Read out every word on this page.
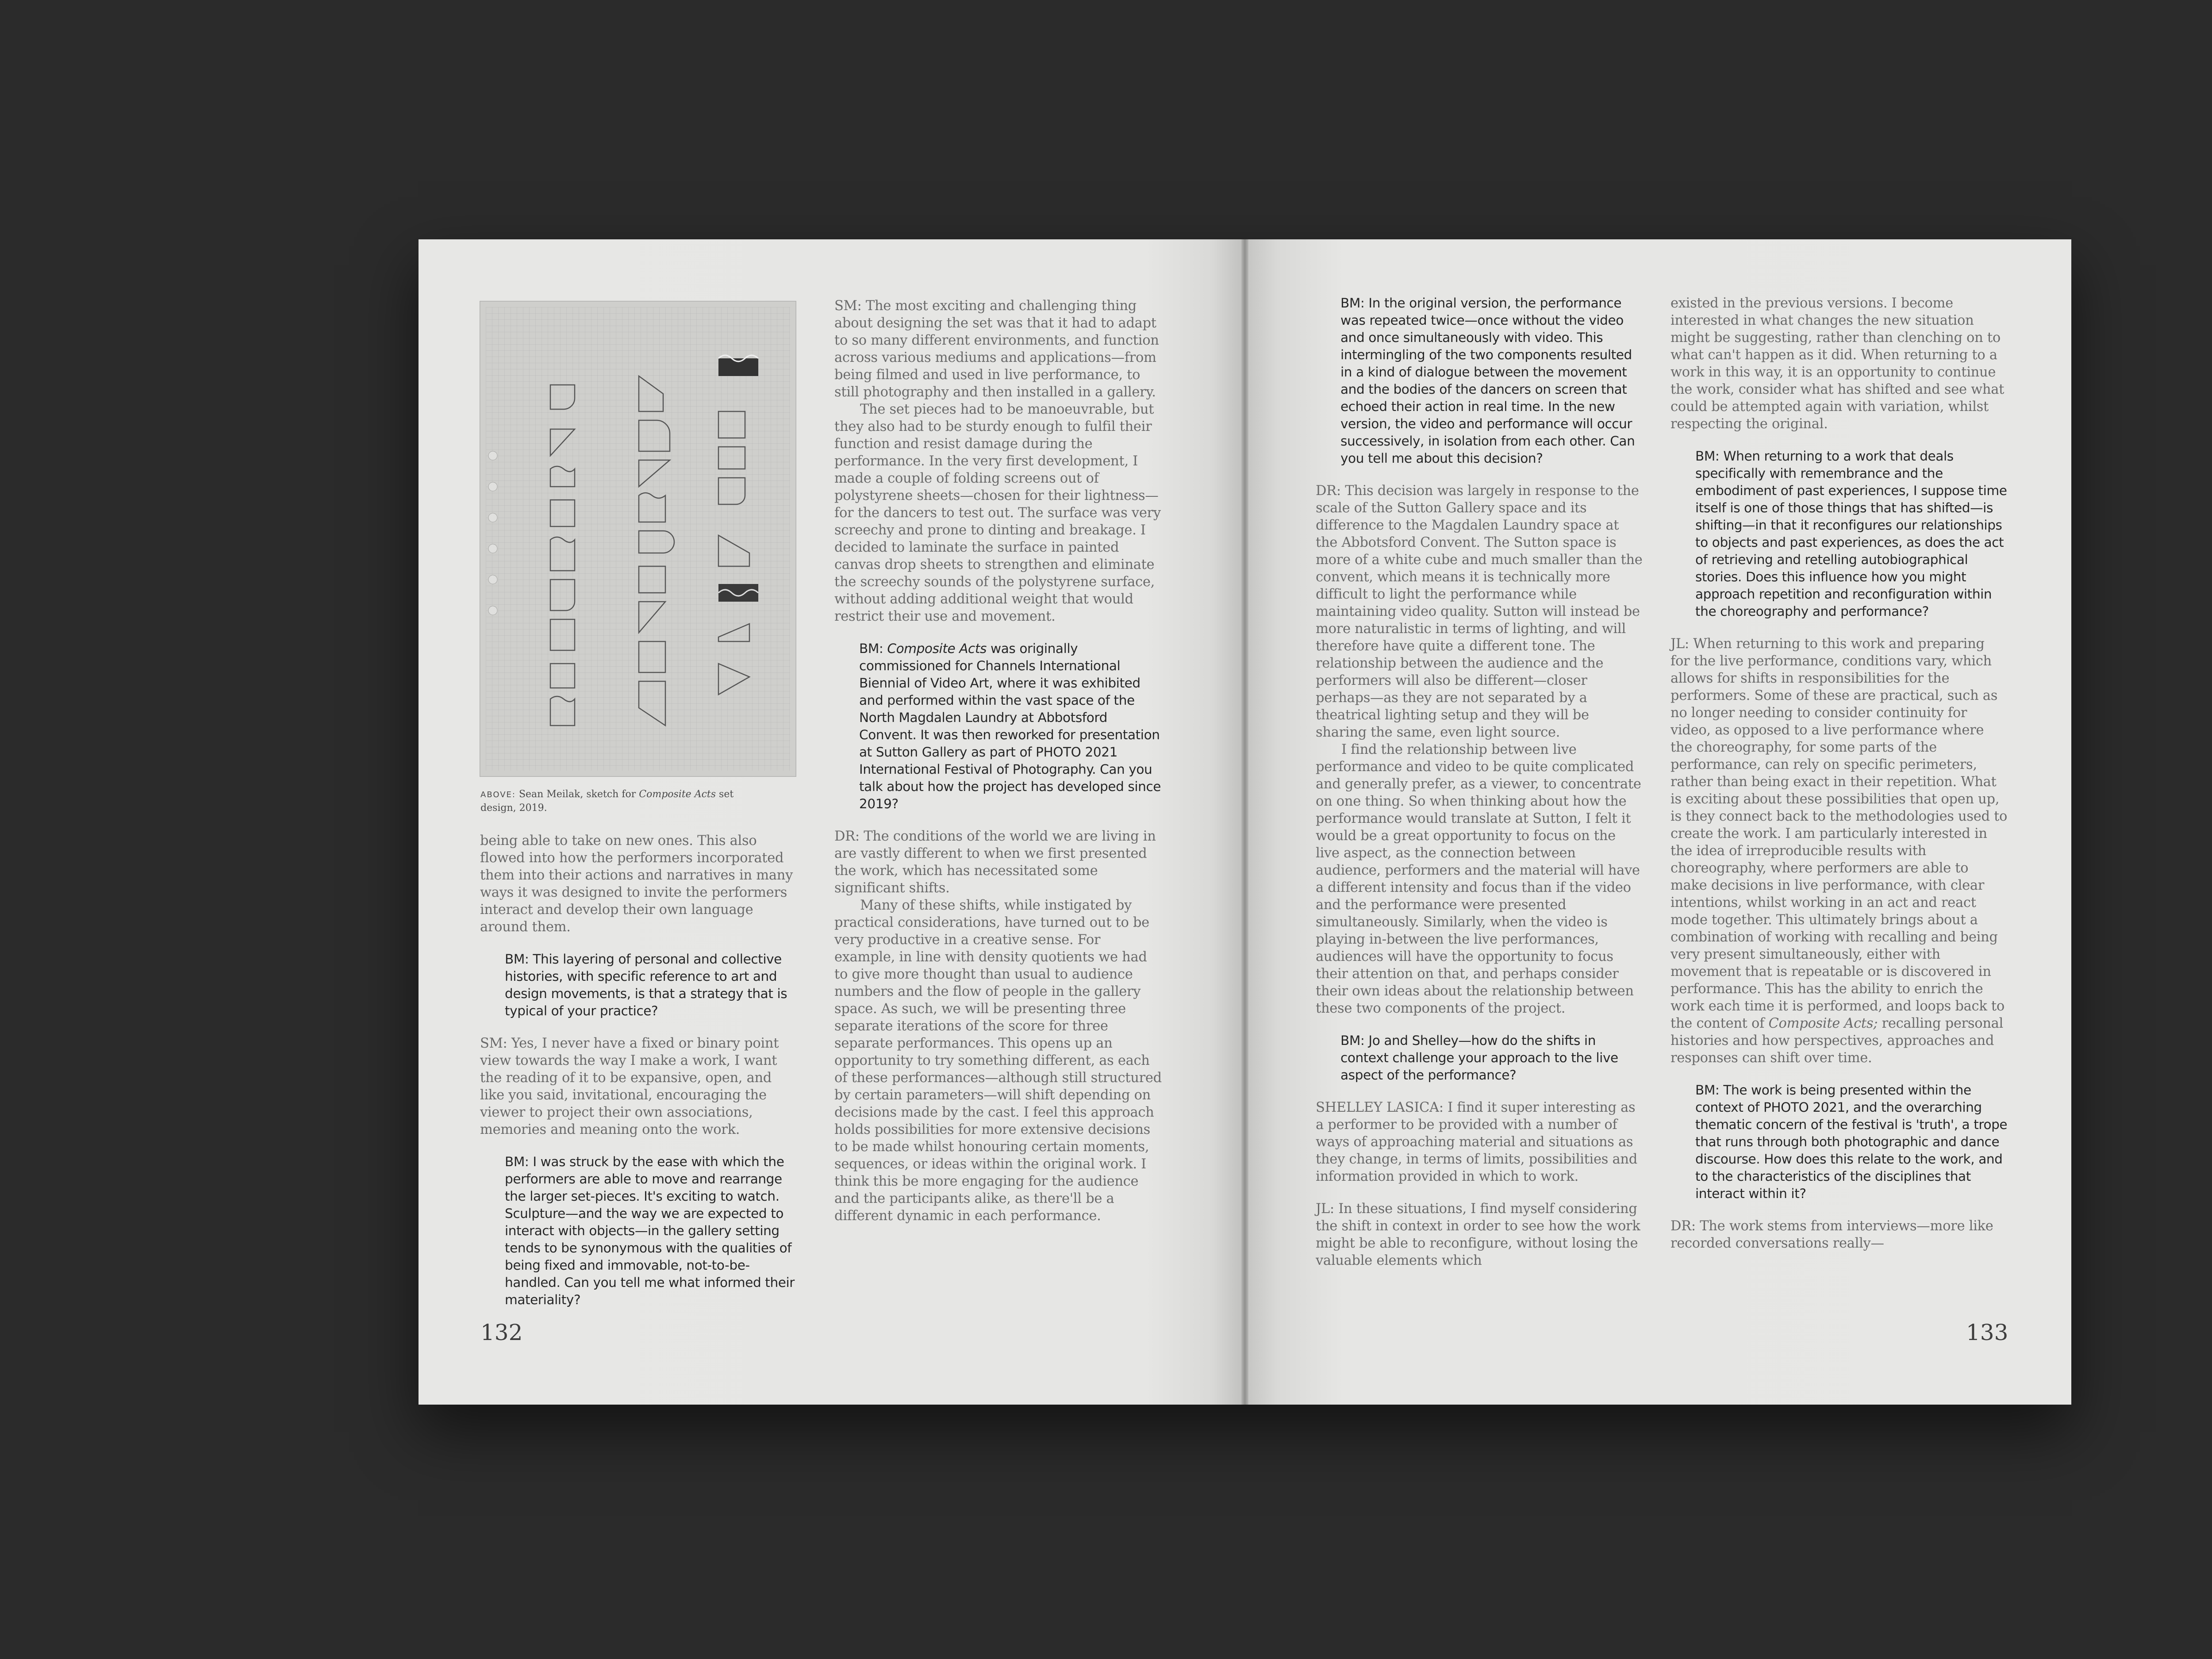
ABOVE: Sean Meilak, sketch for Composite Acts set design, 2019.

being able to take on new ones. This also flowed into how the performers incorporated them into their actions and narratives in many ways it was designed to invite the performers interact and develop their own language around them.

BM: This layering of personal and collective histories, with specific reference to art and design movements, is that a strategy that is typical of your practice?

SM: Yes, I never have a fixed or binary point view towards the way I make a work, I want the reading of it to be expansive, open, and like you said, invitational, encouraging the viewer to project their own associations, memories and meaning onto the work.

BM: I was struck by the ease with which the performers are able to move and rearrange the larger set-pieces. It's exciting to watch. Sculpture—and the way we are expected to interact with objects—in the gallery setting tends to be synonymous with the qualities of being fixed and immovable, not-to-be-handled. Can you tell me what informed their materiality?

SM: The most exciting and challenging thing about designing the set was that it had to adapt to so many different environments, and function across various mediums and applications—from being filmed and used in live performance, to still photography and then installed in a gallery.

The set pieces had to be manoeuvrable, but they also had to be sturdy enough to fulfil their function and resist damage during the performance. In the very first development, I made a couple of folding screens out of polystyrene sheets—chosen for their lightness—for the dancers to test out. The surface was very screechy and prone to dinting and breakage. I decided to laminate the surface in painted canvas drop sheets to strengthen and eliminate the screechy sounds of the polystyrene surface, without adding additional weight that would restrict their use and movement.

BM: Composite Acts was originally commissioned for Channels International Biennial of Video Art, where it was exhibited and performed within the vast space of the North Magdalen Laundry at Abbotsford Convent. It was then reworked for presentation at Sutton Gallery as part of PHOTO 2021 International Festival of Photography. Can you talk about how the project has developed since 2019?

DR: The conditions of the world we are living in are vastly different to when we first presented the work, which has necessitated some significant shifts.

Many of these shifts, while instigated by practical considerations, have turned out to be very productive in a creative sense. For example, in line with density quotients we had to give more thought than usual to audience numbers and the flow of people in the gallery space. As such, we will be presenting three separate iterations of the score for three separate performances. This opens up an opportunity to try something different, as each of these performances—although still structured by certain parameters—will shift depending on decisions made by the cast. I feel this approach holds possibilities for more extensive decisions to be made whilst honouring certain moments, sequences, or ideas within the original work. I think this be more engaging for the audience and the participants alike, as there'll be a different dynamic in each performance.

132

BM: In the original version, the performance was repeated twice—once without the video and once simultaneously with video. This intermingling of the two components resulted in a kind of dialogue between the movement and the bodies of the dancers on screen that echoed their action in real time. In the new version, the video and performance will occur successively, in isolation from each other. Can you tell me about this decision?

DR: This decision was largely in response to the scale of the Sutton Gallery space and its difference to the Magdalen Laundry space at the Abbotsford Convent. The Sutton space is more of a white cube and much smaller than the convent, which means it is technically more difficult to light the performance while maintaining video quality. Sutton will instead be more naturalistic in terms of lighting, and will therefore have quite a different tone. The relationship between the audience and the performers will also be different—closer perhaps—as they are not separated by a theatrical lighting setup and they will be sharing the same, even light source.

I find the relationship between live performance and video to be quite complicated and generally prefer, as a viewer, to concentrate on one thing. So when thinking about how the performance would translate at Sutton, I felt it would be a great opportunity to focus on the live aspect, as the connection between audience, performers and the material will have a different intensity and focus than if the video and the performance were presented simultaneously. Similarly, when the video is playing in-between the live performances, audiences will have the opportunity to focus their attention on that, and perhaps consider their own ideas about the relationship between these two components of the project.

BM: Jo and Shelley—how do the shifts in context challenge your approach to the live aspect of the performance?

SHELLEY LASICA: I find it super interesting as a performer to be provided with a number of ways of approaching material and situations as they change, in terms of limits, possibilities and information provided in which to work.

JL: In these situations, I find myself considering the shift in context in order to see how the work might be able to reconfigure, without losing the valuable elements which

existed in the previous versions. I become interested in what changes the new situation might be suggesting, rather than clenching on to what can't happen as it did. When returning to a work in this way, it is an opportunity to continue the work, consider what has shifted and see what could be attempted again with variation, whilst respecting the original.

BM: When returning to a work that deals specifically with remembrance and the embodiment of past experiences, I suppose time itself is one of those things that has shifted—is shifting—in that it reconfigures our relationships to objects and past experiences, as does the act of retrieving and retelling autobiographical stories. Does this influence how you might approach repetition and reconfiguration within the choreography and performance?

JL: When returning to this work and preparing for the live performance, conditions vary, which allows for shifts in responsibilities for the performers. Some of these are practical, such as no longer needing to consider continuity for video, as opposed to a live performance where the choreography, for some parts of the performance, can rely on specific perimeters, rather than being exact in their repetition. What is exciting about these possibilities that open up, is they connect back to the methodologies used to create the work. I am particularly interested in the idea of irreproducible results with choreography, where performers are able to make decisions in live performance, with clear intentions, whilst working in an act and react mode together. This ultimately brings about a combination of working with recalling and being very present simultaneously, either with movement that is repeatable or is discovered in performance. This has the ability to enrich the work each time it is performed, and loops back to the content of Composite Acts; recalling personal histories and how perspectives, approaches and responses can shift over time.

BM: The work is being presented within the context of PHOTO 2021, and the overarching thematic concern of the festival is 'truth', a trope that runs through both photographic and dance discourse. How does this relate to the work, and to the characteristics of the disciplines that interact within it?

DR: The work stems from interviews—more like recorded conversations really—

133
